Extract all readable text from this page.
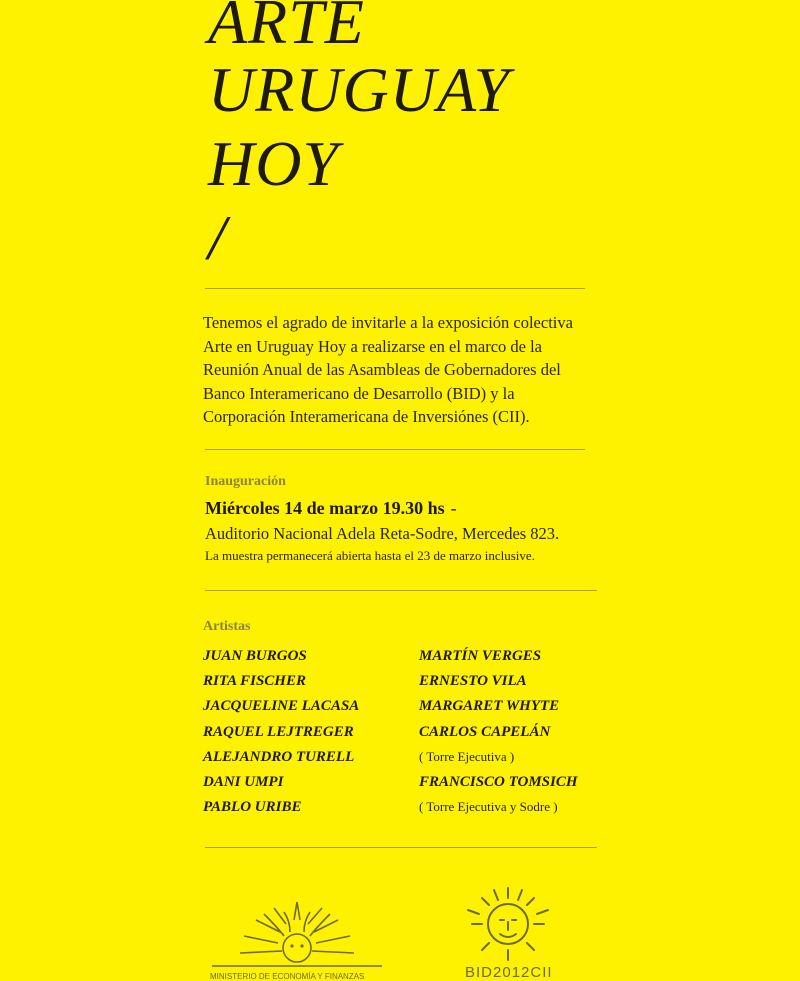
ARTE
URUGUAY
HOY
/
Tenemos el agrado de invitarle a la exposición colectiva
Arte en Uruguay Hoy a realizarse en el marco de la
Reunión Anual de las Asambleas de Gobernadores del
Banco Interamericano de Desarrollo (BID) y la
Corporación Interamericana de Inversiónes (CII).
Inauguración
Miércoles 14 de marzo 19.30 hs -
Auditorio Nacional Adela Reta-Sodre, Mercedes 823.
La muestra permanecerá abierta hasta el 23 de marzo inclusive.
Artistas
JUAN BURGOS
RITA FISCHER
JACQUELINE LACASA
RAQUEL LEJTREGER
ALEJANDRO TURELL
DANI UMPI
PABLO URIBE
MARTÍN VERGES
ERNESTO VILA
MARGARET WHYTE
CARLOS CAPELÁN
( Torre Ejecutiva )
FRANCISCO TOMSICH
( Torre Ejecutiva y Sodre )
MINISTERIO DE ECONOMÍA Y FINANZAS	BID2012CII
